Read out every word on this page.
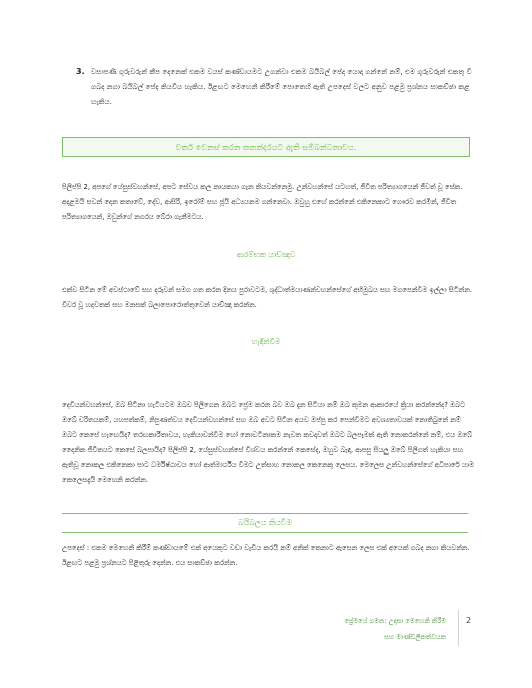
3. වසාපණී ගුරුවරුන් කීප දෙනෙක් එකම වයස් කණ්ඩායමට උගන්වා එකම බයිබල් පේද යොදා ගන්නේ නම්, එම ගුරුවරුන් එකතු වී ගබද නගා බයිබල් පේද කියවිය හැකිය. ඊළඟට මෙහෙනි කිරීමේ පොතෙහි ඇති උපදෙස් වලට අනුව පළමු ප්‍රශ්නය සාකච්ඡා කළ හැකිය.
වර්ත වෙනස් කරන කතන්දරයට ඇති සම්බන්ධතාවය.
පිලිප්පි 2, අපගේ යේසුස්වහන්සේ, අපට සේවය කල නායකයා ගැන කියවන්නෙමු. උන්වහන්සේ යටහත්, ජීවිත පරිත්‍යාගයෙන් ජීවත් වූ සේක. අදළමයි සවන් දෙන කතාවේ, දේව, ආසිරි, ඉරෝම් සහ ජූයි අධ්‍යයනම ගන්නෙවා. ඔවුහු එහේ කරන්නේ එකිනෙකාට ගෞරව කරමින්, ජීවිත පරිත්‍යාගයෙන්, ඔවුන්ගේ නගරය බේරා ගැනීමටය.
ආරම්භක යාච්ඤාව
එක්ව සිටින මේ අවස්ථාවේ සහ දරුවන් සමග ගත කරන දිනය පුරාවටම, ශුද්ධාත්මයාණන්වහන්සේගේ අභිමුඛය සහ මගපෙන්වීම ඉල්ලා සිටින්න. විවර වූ හදවතක් සහ මනසක් බලාපොරොත්තුවෙන් යාච්ඤා කරන්න.
හැඳින්වීම
දෙවියන්වහන්සේ, ඔබ සිටිනා හැටියටම ඔබව පිලිගෙන ඔබට ප්‍රේම කරන බව ඔබ දැන සිටියා නම් ඔබ කුමන ආකාරයේ ක්‍රියා කරන්නේද? ඔබට ඔබේ චරිතයකම්, යහපත්කම්, නිපුණත්වය දෙවියන්වහන්සේ සහ ඔබ අවට සිටින අයව ඔප්පු කර පෙන්වීමට අවශ්‍යතාවයක් නොතිබුනේ නම් ඔබට කෙසේ හැඟෙයිද? තරඟකාරීතාවය, හැකියාවන්වීම හෝ නොවටිනාකම නැවත කවදාවත් ඔබට බලපෑමක් ඇති නොකරන්නේ නම්, එය ඔබේ දෛනික ජීවිතයට කෙසේ බලපායිද? පිලිප්පි 2, යේසුස්වහන්සේ විශ්වය කරන්නේ කෙසේද, ඔහුව බැඳ, ආපසු සියලු ඔබේ පිලිගත් හැකියා සහ ඇතිවූ නොකල එකිනෙකා පාට ධර්මිෂ්ඨාවය හෝ ආත්මාර්ථීය වීමට උත්සාහ නොකල කෙනෙකු ලෙසය. මෙලෙස උන්වහන්සේගේ අධිපාරේ යාම කෙලෙසදැයි මෙහෙනි කරන්න.
බයිබලය කියවීම
උපදෙස් : එකම මෙහෙනි කිරීම් කණ්ඩායමේ එක් අයෙකුට වඩා වැඩිය කරයි නම් අනික් කෙනාට ඇසෙන ලෙස එක් අයෙක් ගබද නගා කියවන්න. ඊළඟට පළමු ප්‍රශ්නයට පිළිතුරු දෙන්න. එය සාකච්ඡා කරන්න.
ප්‍රේමයේ ගමන: උදාසා මෙහෙනි කිරීම
සහ මාණ්ඩලිකත්වයක
2
